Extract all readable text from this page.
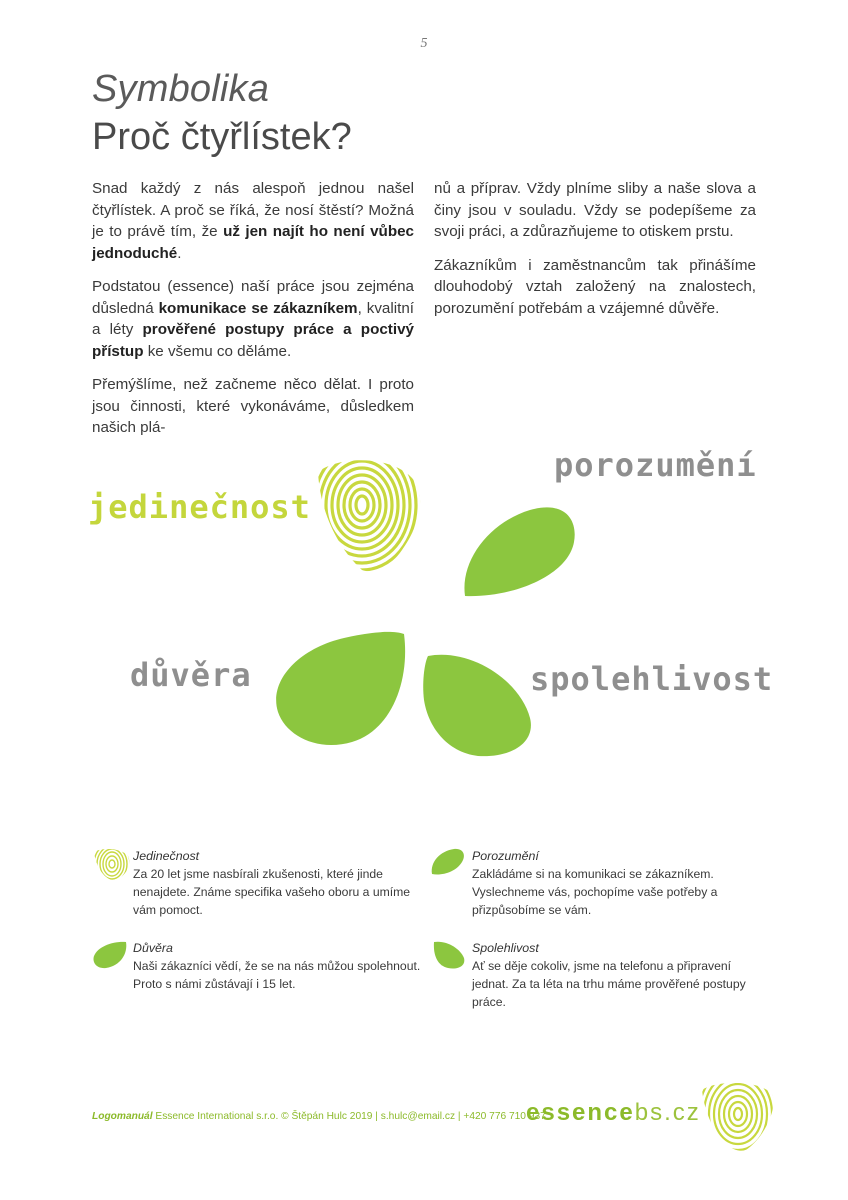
5
Symbolika
Proč čtyřlístek?

Snad každý z nás alespoň jednou našel čtyřlístek. A proč se říká, že nosí štěstí? Možná je to právě tím, že už jen najít ho není vůbec jednoduché.

Podstatou (essence) naší práce jsou zejména důsledná komunikace se zákazníkem, kvalitní a léty prověřené postupy práce a poctivý přístup ke všemu co děláme.

Přemýšlíme, než začneme něco dělat. I proto jsou činnosti, které vykonáváme, důsledkem našich plá-

nů a příprav. Vždy plníme sliby a naše slova a činy jsou v souladu. Vždy se podepíšeme za svoji práci, a zdůrazňujeme to otiskem prstu.

Zákazníkům i zaměstnancům tak přinášíme dlouhodobý vztah založený na znalostech, porozumění potřebám a vzájemné důvěře.

jedinečnost
porozumění
důvěra	spolehlivost
Jedinečnost
Za 20 let jsme nasbírali zkušenosti, které jinde nenajdete. Známe specifika vašeho oboru a umíme vám pomoct.
Porozumění
Zakládáme si na komunikaci se zákazníkem. Vyslechneme vás, pochopíme vaše potřeby a přizpůsobíme se vám.
Důvěra
Naši zákazníci vědí, že se na nás můžou spolehnout. Proto s námi zůstávají i 15 let.
Spolehlivost
Ať se děje cokoliv, jsme na telefonu a připravení jednat. Za ta léta na trhu máme prověřené postupy práce.
Logomanuál Essence International s.r.o. © Štěpán Hulc 2019 | s.hulc@email.cz | +420 776 710 937
essencebs.cz
